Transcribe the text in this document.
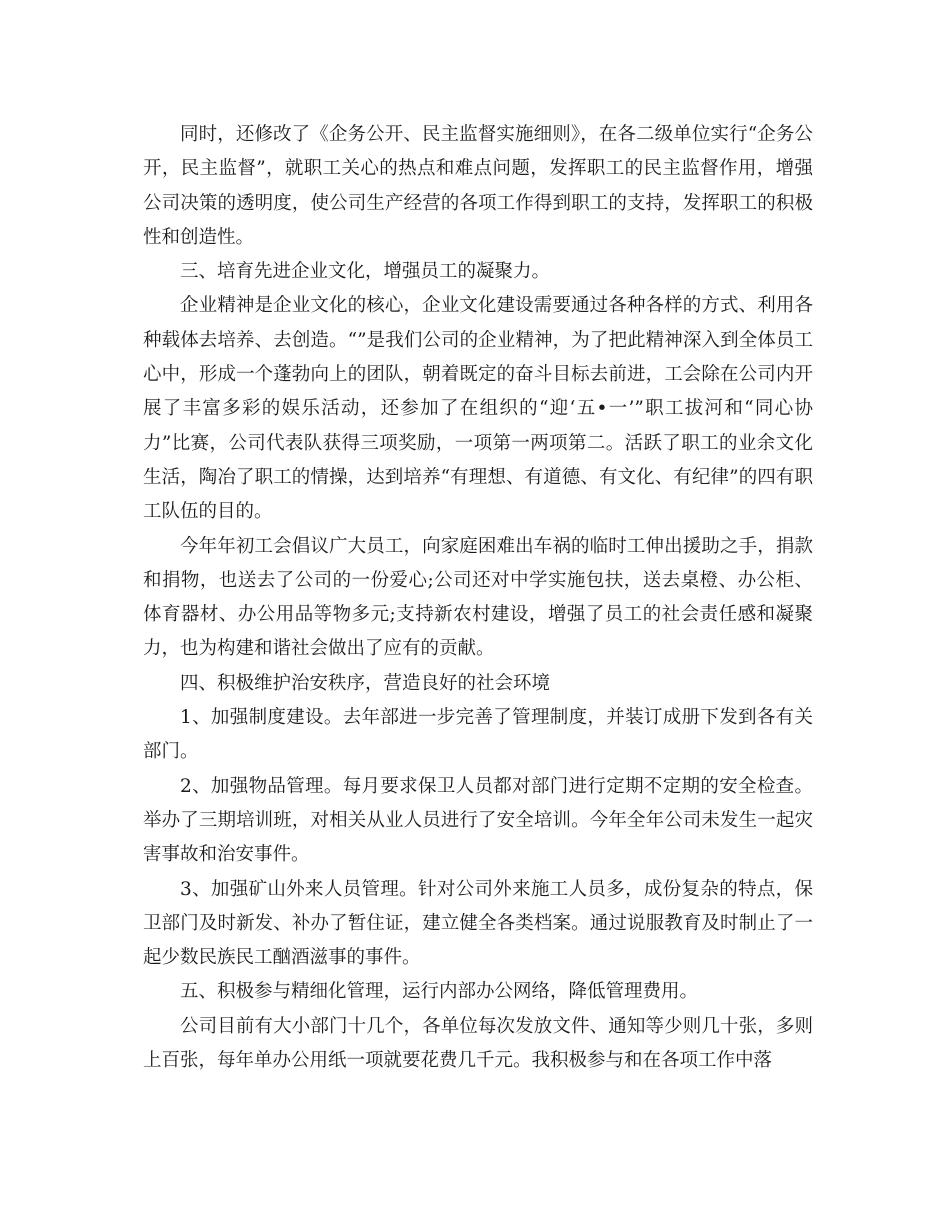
同时，还修改了《企务公开、民主监督实施细则》，在各二级单位实行“企务公开，民主监督”，就职工关心的热点和难点问题，发挥职工的民主监督作用，增强公司决策的透明度，使公司生产经营的各项工作得到职工的支持，发挥职工的积极性和创造性。

三、培育先进企业文化，增强员工的凝聚力。

企业精神是企业文化的核心，企业文化建设需要通过各种各样的方式、利用各种载体去培养、去创造。“”是我们公司的企业精神，为了把此精神深入到全体员工心中，形成一个蓬勃向上的团队，朝着既定的奋斗目标去前进，工会除在公司内开展了丰富多彩的娱乐活动，还参加了在组织的“迎‘五•一’”职工拔河和“同心协力”比赛，公司代表队获得三项奖励，一项第一两项第二。活跃了职工的业余文化生活，陶冶了职工的情操，达到培养“有理想、有道德、有文化、有纪律”的四有职工队伍的目的。

今年年初工会倡议广大员工，向家庭困难出车祸的临时工伸出援助之手，捐款和捐物，也送去了公司的一份爱心;公司还对中学实施包扶，送去桌橙、办公柜、体育器材、办公用品等物多元;支持新农村建设，增强了员工的社会责任感和凝聚力，也为构建和谐社会做出了应有的贡献。

四、积极维护治安秩序，营造良好的社会环境

1、加强制度建设。去年部进一步完善了管理制度，并装订成册下发到各有关部门。

2、加强物品管理。每月要求保卫人员都对部门进行定期不定期的安全检查。举办了三期培训班，对相关从业人员进行了安全培训。今年全年公司未发生一起灾害事故和治安事件。

3、加强矿山外来人员管理。针对公司外来施工人员多，成份复杂的特点，保卫部门及时新发、补办了暂住证，建立健全各类档案。通过说服教育及时制止了一起少数民族民工酗酒滋事的事件。

五、积极参与精细化管理，运行内部办公网络，降低管理费用。

公司目前有大小部门十几个，各单位每次发放文件、通知等少则几十张，多则上百张，每年单办公用纸一项就要花费几千元。我积极参与和在各项工作中落
